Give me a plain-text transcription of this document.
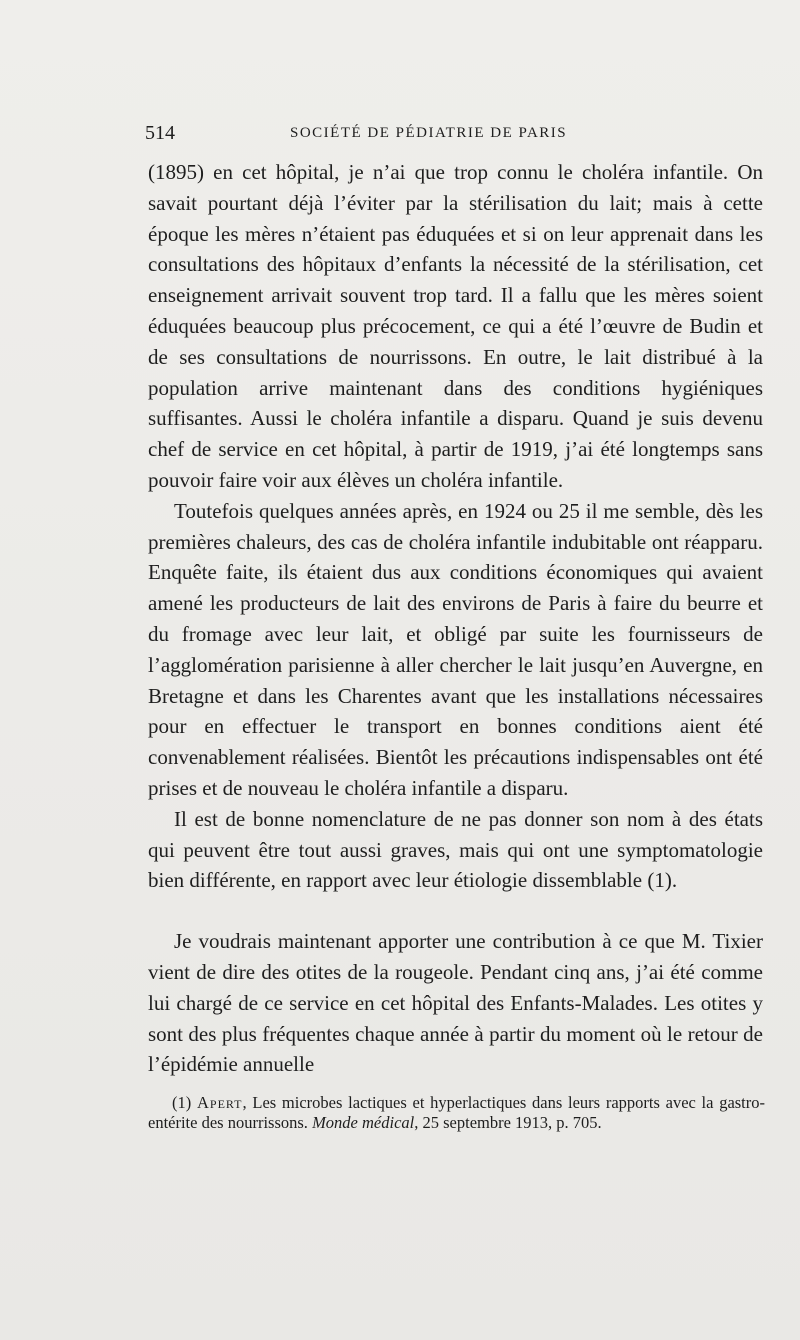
514	SOCIÉTÉ DE PÉDIATRIE DE PARIS

(1895) en cet hôpital, je n’ai que trop connu le choléra infantile. On savait pourtant déjà l’éviter par la stérilisation du lait; mais à cette époque les mères n’étaient pas éduquées et si on leur apprenait dans les consultations des hôpitaux d’enfants la nécessité de la stérilisation, cet enseignement arrivait souvent trop tard. Il a fallu que les mères soient éduquées beaucoup plus précocement, ce qui a été l’œuvre de Budin et de ses consultations de nourrissons. En outre, le lait distribué à la population arrive maintenant dans des conditions hygiéniques suffisantes. Aussi le choléra infantile a disparu. Quand je suis devenu chef de service en cet hôpital, à partir de 1919, j’ai été longtemps sans pouvoir faire voir aux élèves un choléra infantile.

Toutefois quelques années après, en 1924 ou 25 il me semble, dès les premières chaleurs, des cas de choléra infantile indubitable ont réapparu. Enquête faite, ils étaient dus aux conditions économiques qui avaient amené les producteurs de lait des environs de Paris à faire du beurre et du fromage avec leur lait, et obligé par suite les fournisseurs de l’agglomération parisienne à aller chercher le lait jusqu’en Auvergne, en Bretagne et dans les Charentes avant que les installations nécessaires pour en effectuer le transport en bonnes conditions aient été convenablement réalisées. Bientôt les précautions indispensables ont été prises et de nouveau le choléra infantile a disparu.

Il est de bonne nomenclature de ne pas donner son nom à des états qui peuvent être tout aussi graves, mais qui ont une symptomatologie bien différente, en rapport avec leur étiologie dissemblable (1).

Je voudrais maintenant apporter une contribution à ce que M. Tixier vient de dire des otites de la rougeole. Pendant cinq ans, j’ai été comme lui chargé de ce service en cet hôpital des Enfants-Malades. Les otites y sont des plus fréquentes chaque année à partir du moment où le retour de l’épidémie annuelle

(1) Apert, Les microbes lactiques et hyperlactiques dans leurs rapports avec la gastro-entérite des nourrissons. Monde médical, 25 septembre 1913, p. 705.
